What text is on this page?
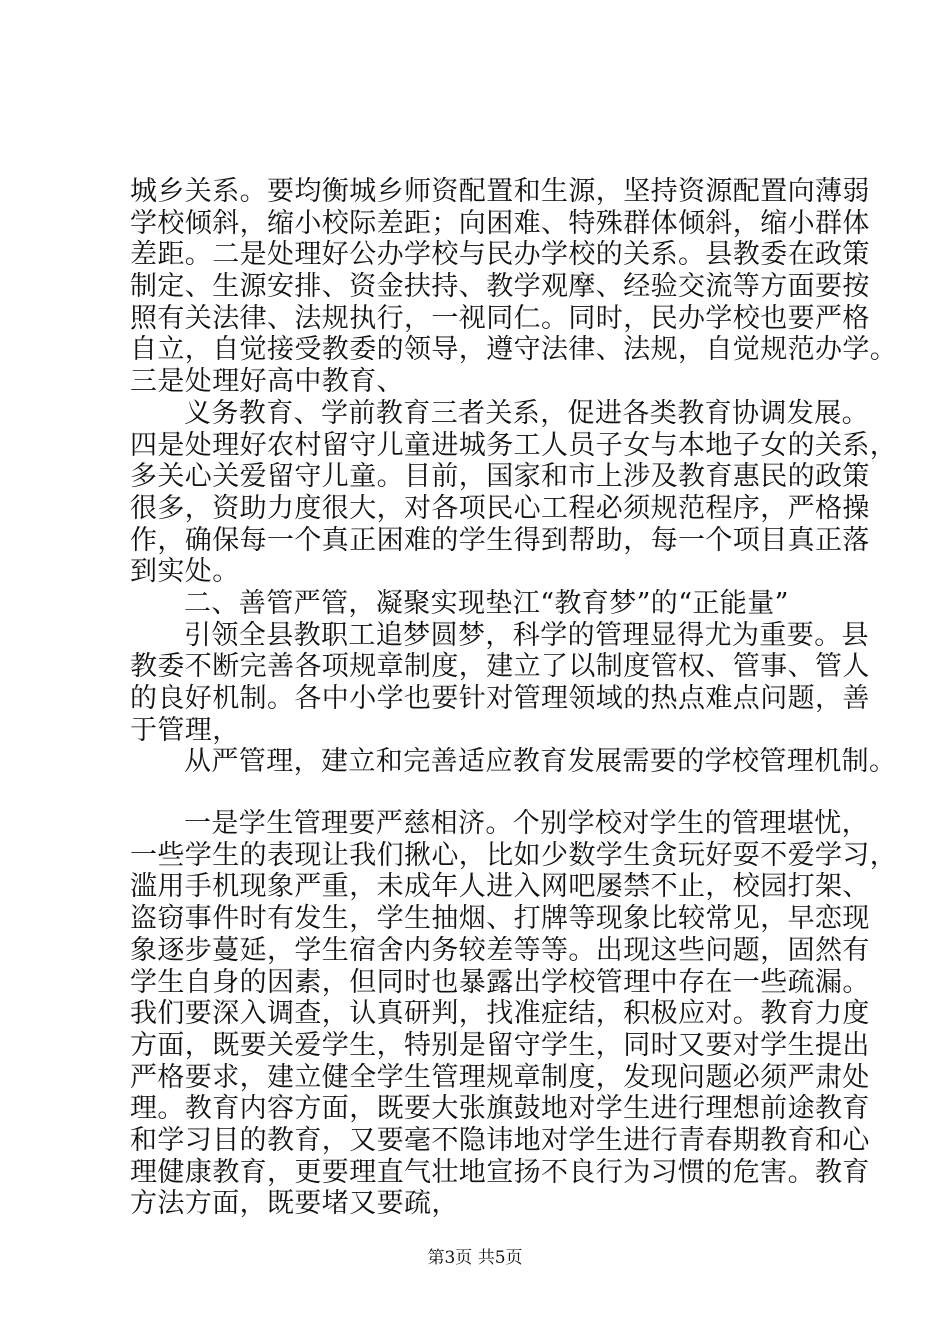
城乡关系。要均衡城乡师资配置和生源，坚持资源配置向薄弱
学校倾斜，缩小校际差距；向困难、特殊群体倾斜，缩小群体
差距。二是处理好公办学校与民办学校的关系。县教委在政策
制定、生源安排、资金扶持、教学观摩、经验交流等方面要按
照有关法律、法规执行，一视同仁。同时，民办学校也要严格
自立，自觉接受教委的领导，遵守法律、法规，自觉规范办学。
三是处理好高中教育、
义务教育、学前教育三者关系，促进各类教育协调发展。
四是处理好农村留守儿童进城务工人员子女与本地子女的关系，
多关心关爱留守儿童。目前，国家和市上涉及教育惠民的政策
很多，资助力度很大，对各项民心工程必须规范程序，严格操
作，确保每一个真正困难的学生得到帮助，每一个项目真正落
到实处。
二、善管严管，凝聚实现垫江“教育梦”的“正能量”
引领全县教职工追梦圆梦，科学的管理显得尤为重要。县
教委不断完善各项规章制度，建立了以制度管权、管事、管人
的良好机制。各中小学也要针对管理领域的热点难点问题，善
于管理，
从严管理，建立和完善适应教育发展需要的学校管理机制。
一是学生管理要严慈相济。个别学校对学生的管理堪忧，
一些学生的表现让我们揪心，比如少数学生贪玩好耍不爱学习，
滥用手机现象严重，未成年人进入网吧屡禁不止，校园打架、
盗窃事件时有发生，学生抽烟、打牌等现象比较常见，早恋现
象逐步蔓延，学生宿舍内务较差等等。出现这些问题，固然有
学生自身的因素，但同时也暴露出学校管理中存在一些疏漏。
我们要深入调查，认真研判，找准症结，积极应对。教育力度
方面，既要关爱学生，特别是留守学生，同时又要对学生提出
严格要求，建立健全学生管理规章制度，发现问题必须严肃处
理。教育内容方面，既要大张旗鼓地对学生进行理想前途教育
和学习目的教育，又要毫不隐讳地对学生进行青春期教育和心
理健康教育，更要理直气壮地宣扬不良行为习惯的危害。教育
方法方面，既要堵又要疏，
第3页 共5页
